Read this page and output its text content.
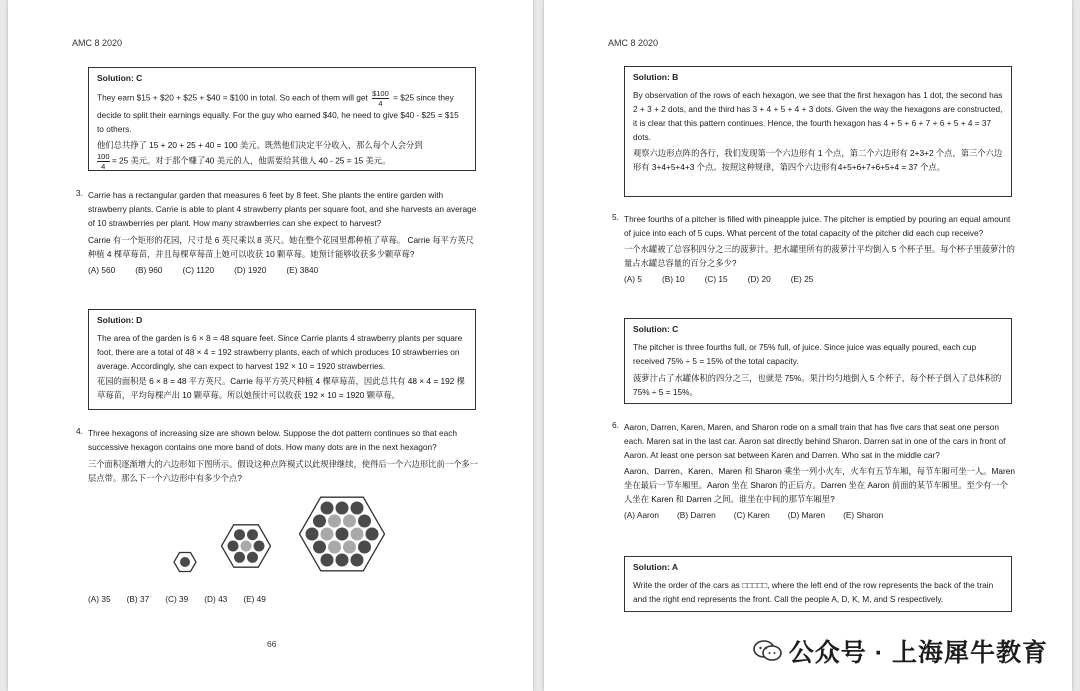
AMC 8 2020
Solution: C

They earn $15 + $20 + $25 + $40 = $100 in total. So each of them will get $\frac{\$100}{4}$ = $25 since they decide to split their earnings equally. For the guy who earned $40, he need to give $40 - $25 = $15 to others.

他们总共挣了 15 + 20 + 25 + 40 = 100 美元。既然他们决定平分收入，那么每个人会分到

$\frac{100}{4} = 25$ 美元。对于那个赚了40 美元的人，他需要给其他人 40 - 25 = 15 美元。

3. Carrie has a rectangular garden that measures 6 feet by 8 feet. She plants the entire garden with strawberry plants. Carrie is able to plant 4 strawberry plants per square foot, and she harvests an average of 10 strawberries per plant. How many strawberries can she expect to harvest?

Carrie 有一个矩形的花园，尺寸是 6 英尺乘以 8 英尺。她在整个花园里都种植了草莓。 Carrie 每平方英尺种植 4 棵草莓苗，并且每棵草莓苗上她可以收获 10 颗草莓。她预计能够收获多少颗草莓?

(A) 560 (B) 960 (C) 1120 (D) 1920 (E) 3840
Solution: D

The area of the garden is 6 × 8 = 48 square feet. Since Carrie plants 4 strawberry plants per square foot, there are a total of 48 × 4 = 192 strawberry plants, each of which produces 10 strawberries on average. Accordingly, she can expect to harvest 192 × 10 = 1920 strawberries.

花园的面积是 6 × 8 = 48 平方英尺。Carrie 每平方英尺种植 4 棵草莓苗，因此总共有 48 × 4 = 192 棵草莓苗，平均每棵产出 10 颗草莓。所以她预计可以收获 192 × 10 = 1920 颗草莓。

4. Three hexagons of increasing size are shown below. Suppose the dot pattern continues so that each successive hexagon contains one more band of dots. How many dots are in the next hexagon?

三个面积逐渐增大的六边形如下图所示。假设这种点阵模式以此规律继续，使得后一个六边形比前一个多一层点带。那么下一个六边形中有多少个点?

(A) 35 (B) 37 (C) 39 (D) 43 (E) 49
66
AMC 8 2020
Solution: B

By observation of the rows of each hexagon, we see that the first hexagon has 1 dot, the second has 2 + 3 + 2 dots, and the third has 3 + 4 + 5 + 4 + 3 dots. Given the way the hexagons are constructed, it is clear that this pattern continues. Hence, the fourth hexagon has 4 + 5 + 6 + 7 + 6 + 5 + 4 = 37 dots.

观察六边形点阵的各行，我们发现第一个六边形有 1 个点，第二个六边形有 2+3+2 个点，第三个六边形有 3+4+5+4+3 个点。按照这种规律，第四个六边形有4+5+6+7+6+5+4 = 37 个点。

5. Three fourths of a pitcher is filled with pineapple juice. The pitcher is emptied by pouring an equal amount of juice into each of 5 cups. What percent of the total capacity of the pitcher did each cup receive?

一个水罐被了总容积四分之三的菠萝汁。把水罐里所有的菠萝汁平均倒入 5 个杯子里。每个杯子里菠萝汁的量占水罐总容量的百分之多少?

(A) 5 (B) 10 (C) 15 (D) 20 (E) 25
Solution: C

The pitcher is three fourths full, or 75% full, of juice. Since juice was equally poured, each cup received 75% ÷ 5 = 15% of the total capacity.

菠萝汁占了水罐体积的四分之三，也就是 75%。果汁均匀地倒入 5 个杯子，每个杯子倒入了总体积的 75% ÷ 5 = 15%。

6. Aaron, Darren, Karen, Maren, and Sharon rode on a small train that has five cars that seat one person each. Maren sat in the last car. Aaron sat directly behind Sharon. Darren sat in one of the cars in front of Aaron. At least one person sat between Karen and Darren. Who sat in the middle car?

Aaron、Darren、Karen、Maren 和 Sharon 乘坐一列小火车，火车有五节车厢，每节车厢可坐一人。Maren 坐在最后一节车厢里。Aaron 坐在 Sharon 的正后方。Darren 坐在 Aaron 前面的某节车厢里。至少有一个人坐在 Karen 和 Darren 之间。谁坐在中间的那节车厢里?

(A) Aaron (B) Darren (C) Karen (D) Maren (E) Sharon
Solution: A

Write the order of the cars as □□□□□, where the left end of the row represents the back of the train and the right end represents the front. Call the people A, D, K, M, and S respectively.

公众号 · 上海犀牛教育
